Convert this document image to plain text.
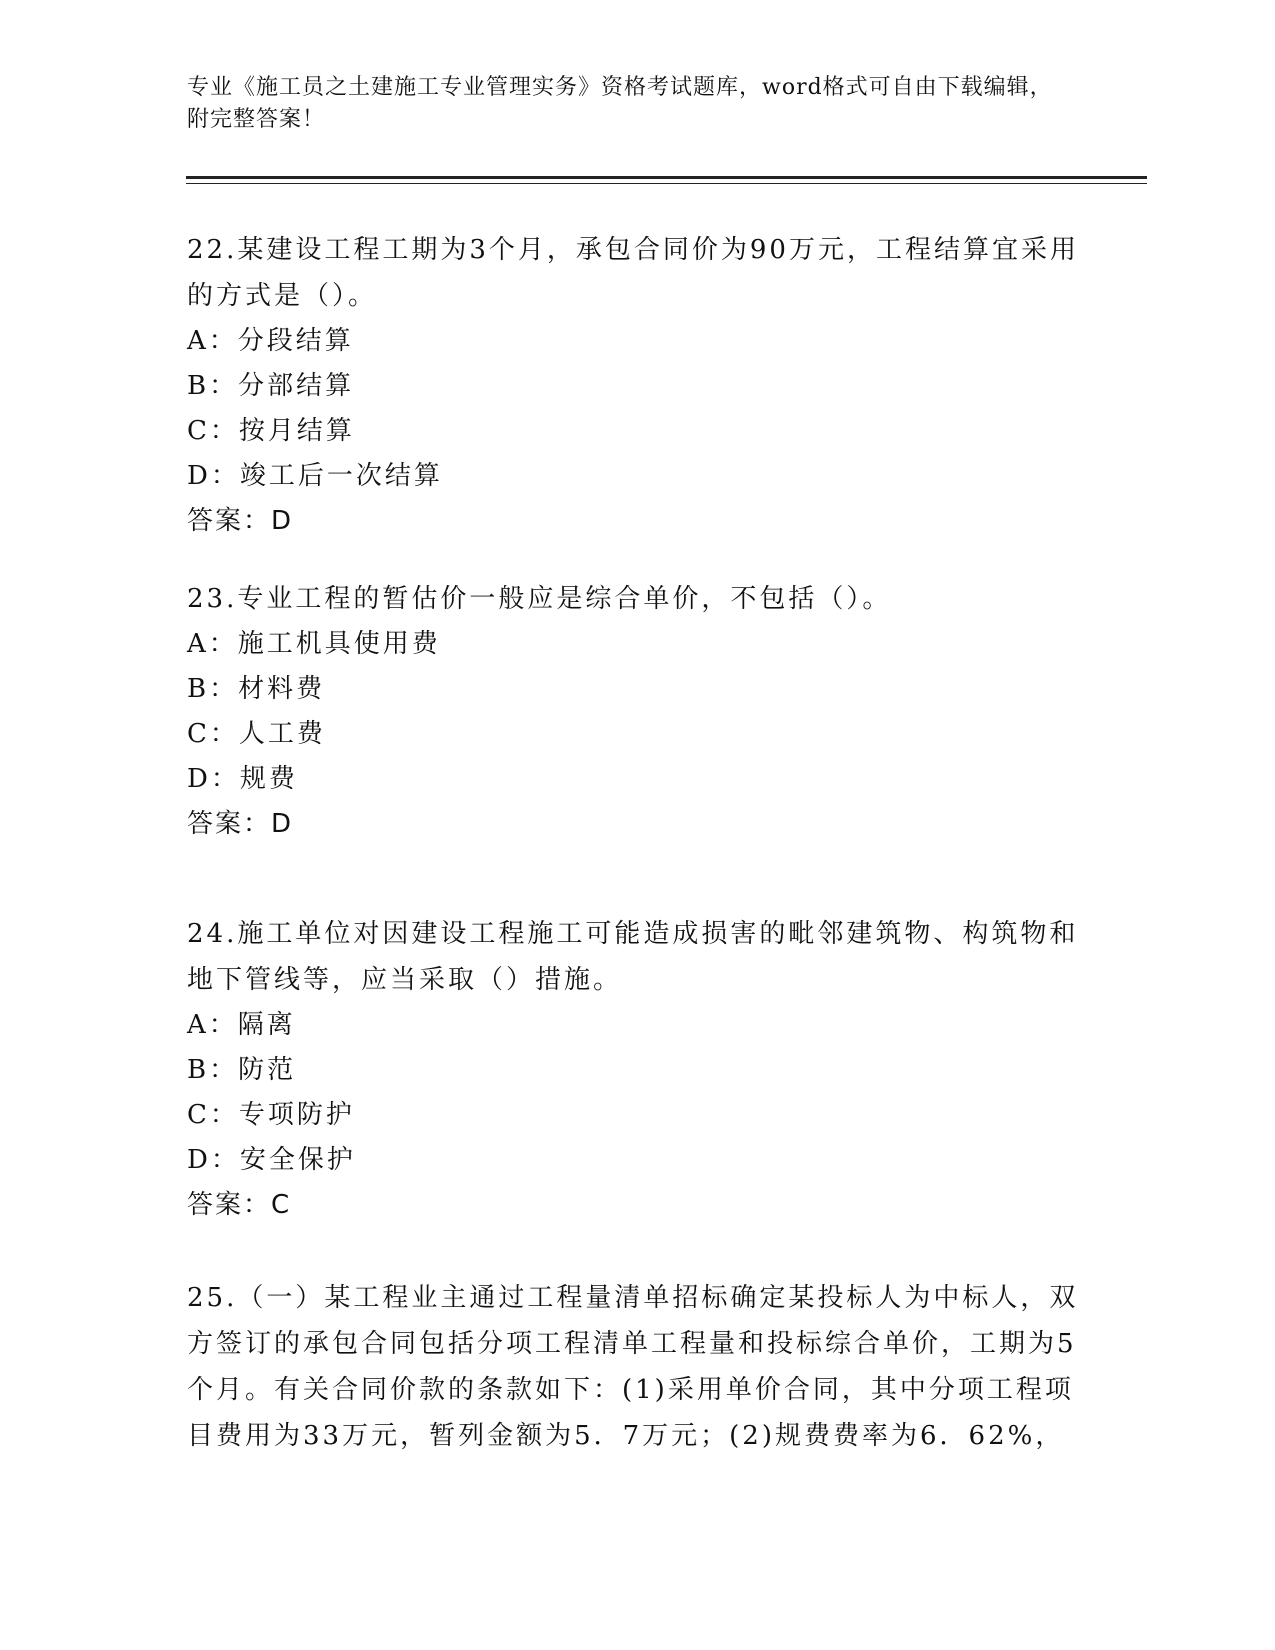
专业《施工员之土建施工专业管理实务》资格考试题库，word格式可自由下载编辑，附完整答案！
22.某建设工程工期为3个月，承包合同价为90万元，工程结算宜采用的方式是（）。
A：分段结算
B：分部结算
C：按月结算
D：竣工后一次结算
答案：D
23.专业工程的暂估价一般应是综合单价，不包括（）。
A：施工机具使用费
B：材料费
C：人工费
D：规费
答案：D
24.施工单位对因建设工程施工可能造成损害的毗邻建筑物、构筑物和地下管线等，应当采取（）措施。
A：隔离
B：防范
C：专项防护
D：安全保护
答案：C
25.（一）某工程业主通过工程量清单招标确定某投标人为中标人，双方签订的承包合同包括分项工程清单工程量和投标综合单价，工期为5个月。有关合同价款的条款如下：(1)采用单价合同，其中分项工程项目费用为33万元，暂列金额为5．7万元；(2)规费费率为6．62%，
